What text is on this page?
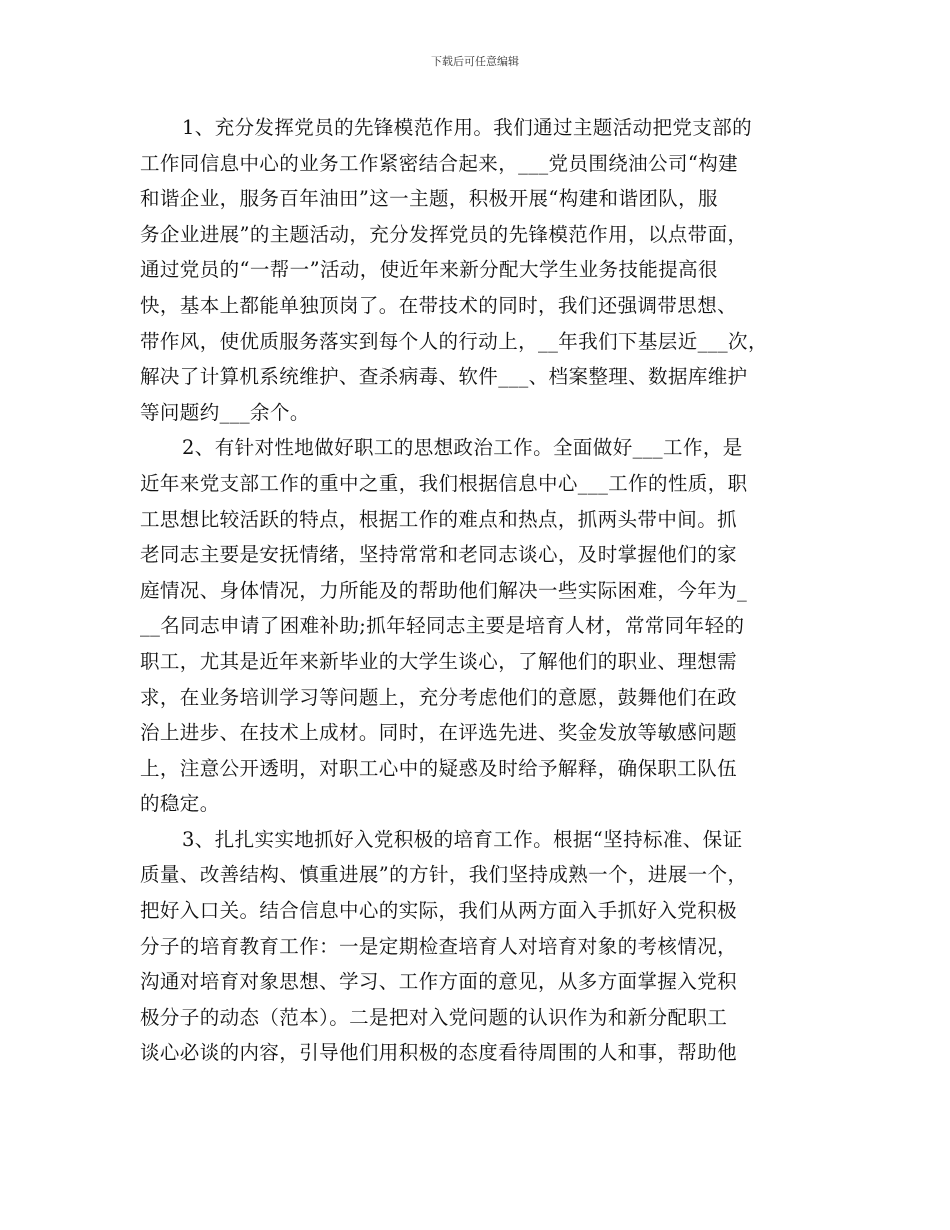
下载后可任意编辑
1、充分发挥党员的先锋模范作用。我们通过主题活动把党支部的
工作同信息中心的业务工作紧密结合起来，___党员围绕油公司“构建
和谐企业，服务百年油田”这一主题，积极开展“构建和谐团队，服
务企业进展”的主题活动，充分发挥党员的先锋模范作用，以点带面，
通过党员的“一帮一”活动，使近年来新分配大学生业务技能提高很
快，基本上都能单独顶岗了。在带技术的同时，我们还强调带思想、
带作风，使优质服务落实到每个人的行动上，__年我们下基层近___次，
解决了计算机系统维护、查杀病毒、软件___、档案整理、数据库维护
等问题约___余个。
2、有针对性地做好职工的思想政治工作。全面做好___工作，是
近年来党支部工作的重中之重，我们根据信息中心___工作的性质，职
工思想比较活跃的特点，根据工作的难点和热点，抓两头带中间。抓
老同志主要是安抚情绪，坚持常常和老同志谈心，及时掌握他们的家
庭情况、身体情况，力所能及的帮助他们解决一些实际困难，今年为_
__名同志申请了困难补助;抓年轻同志主要是培育人材，常常同年轻的
职工，尤其是近年来新毕业的大学生谈心，了解他们的职业、理想需
求，在业务培训学习等问题上，充分考虑他们的意愿，鼓舞他们在政
治上进步、在技术上成材。同时，在评选先进、奖金发放等敏感问题
上，注意公开透明，对职工心中的疑惑及时给予解释，确保职工队伍
的稳定。
3、扎扎实实地抓好入党积极的培育工作。根据“坚持标准、保证
质量、改善结构、慎重进展”的方针，我们坚持成熟一个，进展一个，
把好入口关。结合信息中心的实际，我们从两方面入手抓好入党积极
分子的培育教育工作：一是定期检查培育人对培育对象的考核情况，
沟通对培育对象思想、学习、工作方面的意见，从多方面掌握入党积
极分子的动态（范本）。二是把对入党问题的认识作为和新分配职工
谈心必谈的内容，引导他们用积极的态度看待周围的人和事，帮助他
